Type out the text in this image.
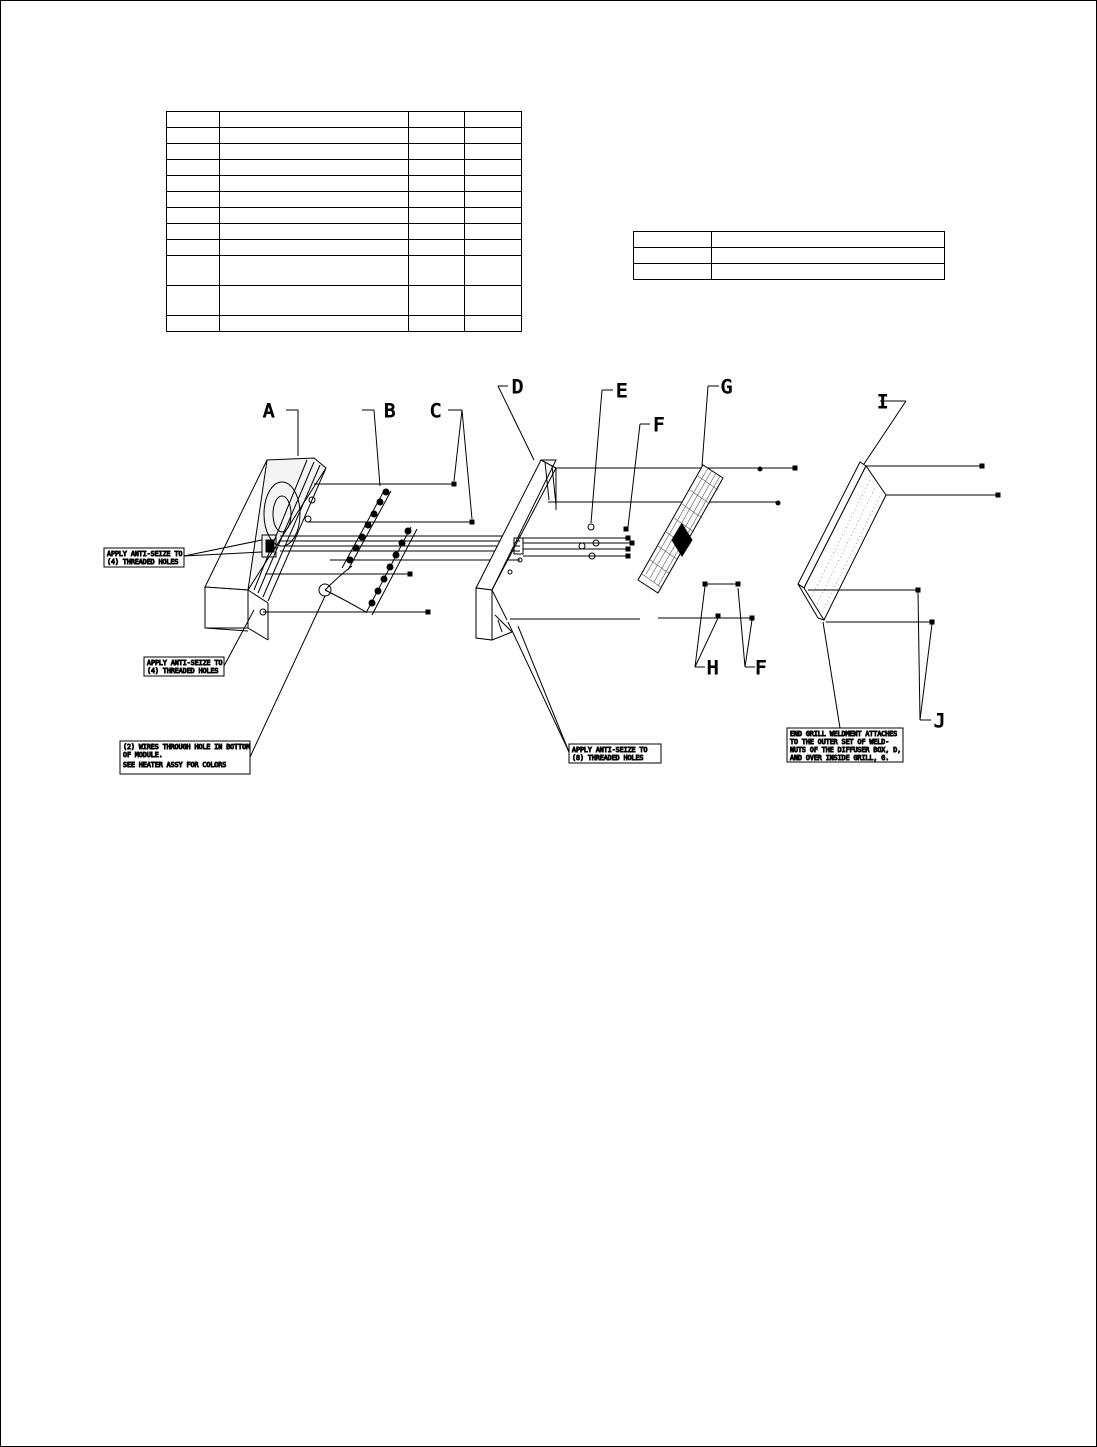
A	B C
D	E
F
G
I
H F
J
APPLY ANTI-SEIZE TO
(4) THREADED HOLES
APPLY ANTI-SEIZE TO
(4) THREADED HOLES
(2) WIRES THROUGH HOLE IN BOTTOM
OF MODULE.
SEE HEATER ASSY FOR COLORS
APPLY ANTI-SEIZE TO
(8) THREADED HOLES
END GRILL WELDMENT ATTACHES
TO THE OUTER SET OF WELD-
NUTS OF THE DIFFUSER BOX, D,
AND OVER INSIDE GRILL, G.
